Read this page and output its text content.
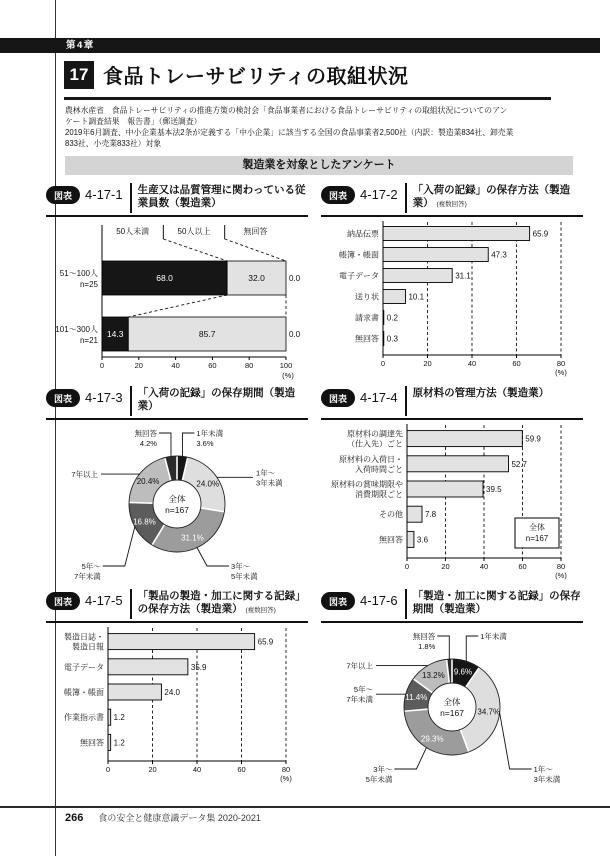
第4章
17 食品トレーサビリティの取組状況
農林水産省　食品トレーサビリティの推進方策の検討会「食品事業者における食品トレーサビリティの取組状況についてのアン
ケート調査結果　報告書」（郵送調査）
2019年6月調査、中小企業基本法2条が定義する「中小企業」に該当する全国の食品事業者2,500社（内訳：製造業834社、卸売業
833社、小売業833社）対象
製造業を対象としたアンケート
図表	4-17-1 生産又は品質管理に関わっている従業員数（製造業）
50人未満	50人以上	無回答
68.0	32.0	0.0
51～100人
n=25
14.3	85.7	0.0
101～300人
n=21
0	20	40	60	80	100
(%)
図表	4-17-2 「入荷の記録」の保存方法（製造業） (複数回答)
65.9
納品伝票
47.3
帳簿・帳面
31.1
電子データ
10.1
送り状
0.2
請求書
0.3
無回答
0	20	40	60	80
(%)
図表	4-17-3 「入荷の記録」の保存期間（製造業）
24.0%
31.1%
16.8%
20.4%
1年未満
3.6%
1年～
3年未満
3年～
5年未満
5年～
7年未満
7年以上
無回答
4.2%
全体
n=167
図表	4-17-4 原材料の管理方法（製造業）
59.9
原材料の調達先
（仕入先）ごと
52.7
原材料の入荷日・
入荷時間ごと
39.5
原材料の賞味期限や
消費期限ごと
7.8
その他
3.6
無回答
0	20	40	60	80
(%)
全体
n=167
図表	4-17-5 「製品の製造・加工に関する記録」の保存方法（製造業） (複数回答)
65.9
製造日誌・
製造日報
35.9
電子データ
24.0
帳簿・帳面
1.2
作業指示書
1.2
無回答
0	20	40	60	80
(%)
図表	4-17-6 「製造・加工に関する記録」の保存期間（製造業）
9.6%
34.7%
29.3%
11.4%
13.2%
1年未満
1年～
3年未満
3年～
5年未満
5年～
7年未満
7年以上
無回答
1.8%
全体
n=167
266 食の安全と健康意識データ集 2020-2021
